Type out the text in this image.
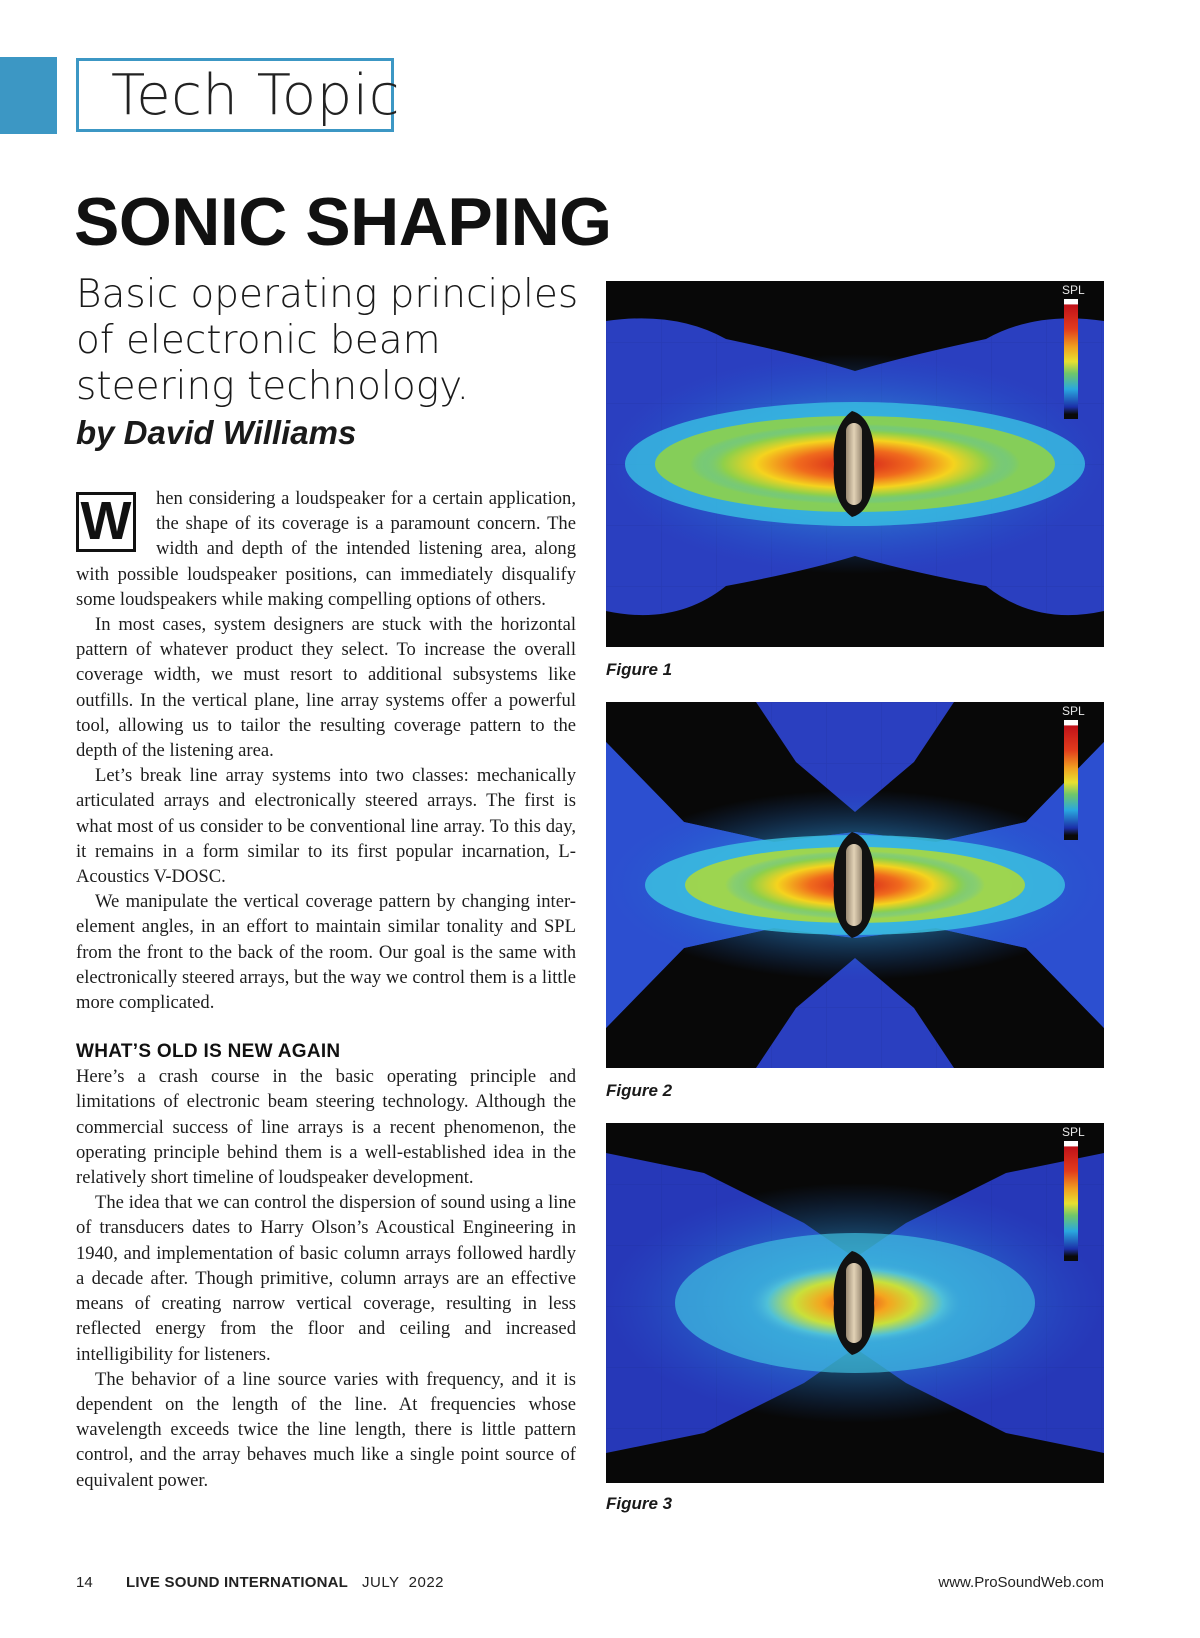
Tech Topic
SONIC SHAPING
Basic operating principles of electronic beam steering technology.
by David Williams

W hen considering a loudspeaker for a certain application, the shape of its coverage is a paramount concern. The width and depth of the intended listening area, along with possible loudspeaker positions, can immediately disqualify some loudspeakers while making compelling options of others.

In most cases, system designers are stuck with the horizontal pattern of whatever product they select. To increase the overall coverage width, we must resort to additional subsystems like outfills. In the vertical plane, line array systems offer a powerful tool, allowing us to tailor the resulting coverage pattern to the depth of the listening area.

Let’s break line array systems into two classes: mechanically articulated arrays and electronically steered arrays. The first is what most of us consider to be conventional line array. To this day, it remains in a form similar to its first popular incarnation, L-Acoustics V-DOSC.

We manipulate the vertical coverage pattern by changing inter-element angles, in an effort to maintain similar tonality and SPL from the front to the back of the room. Our goal is the same with electronically steered arrays, but the way we control them is a little more complicated.

WHAT’S OLD IS NEW AGAIN

Here’s a crash course in the basic operating principle and limitations of electronic beam steering technology. Although the commercial success of line arrays is a recent phenomenon, the operating principle behind them is a well-established idea in the relatively short timeline of loudspeaker development.

The idea that we can control the dispersion of sound using a line of transducers dates to Harry Olson’s Acoustical Engineering in 1940, and implementation of basic column arrays followed hardly a decade after. Though primitive, column arrays are an effective means of creating narrow vertical coverage, resulting in less reflected energy from the floor and ceiling and increased intelligibility for listeners.

The behavior of a line source varies with frequency, and it is dependent on the length of the line. At frequencies whose wavelength exceeds twice the line length, there is little pattern control, and the array behaves much like a single point source of equivalent power.

SPL
Figure 1
SPL
Figure 2
SPL
Figure 3
14 LIVE SOUND INTERNATIONAL JULY  2022	www.ProSoundWeb.com
